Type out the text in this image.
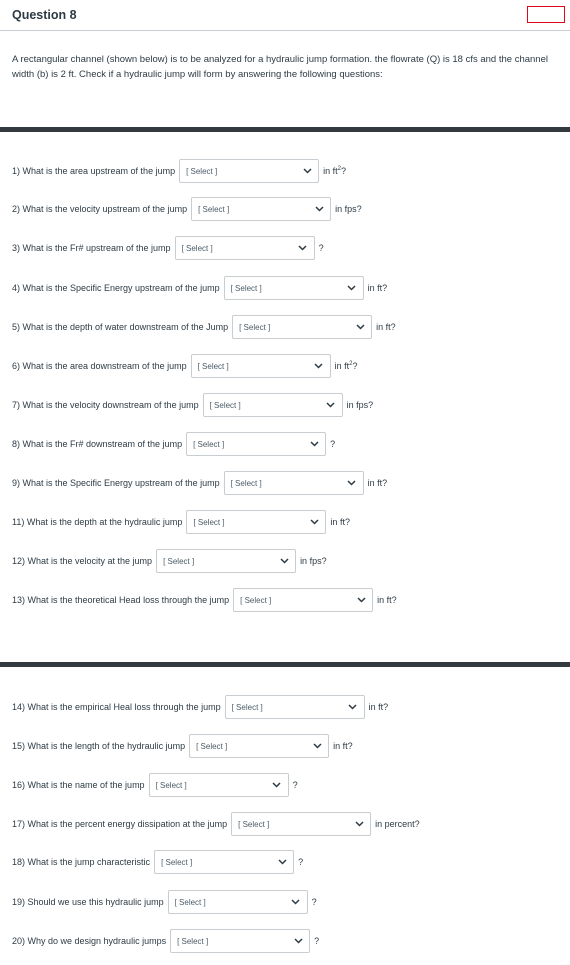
Question 8
A rectangular channel (shown below) is to be analyzed for a hydraulic jump formation. the flowrate (Q) is 18 cfs and the channel width (b) is 2 ft. Check if a hydraulic jump will form by answering the following questions:
1) What is the area upstream of the jump [ Select ]	in $ft^2$?
2) What is the velocity upstream of the jump [ Select ]	in fps?
3) What is the Fr# upstream of the jump [ Select ]	?
4) What is the Specific Energy upstream of the jump [ Select ]	in ft?
5) What is the depth of water downstream of the Jump [ Select ]	in ft?
6) What is the area downstream of the jump [ Select ]	in $ft^2$?
7) What is the velocity downstream of the jump [ Select ]	in fps?
8) What is the Fr# downstream of the jump [ Select ]	?
9) What is the Specific Energy upstream of the jump [ Select ]	in ft?
11) What is the depth at the hydraulic jump [ Select ]	in ft?
12) What is the velocity at the jump [ Select ]	in fps?
13) What is the theoretical Head loss through the jump [ Select ]	in ft?
14) What is the empirical Heal loss through the jump [ Select ]	in ft?
15) What is the length of the hydraulic jump [ Select ]	in ft?
16) What is the name of the jump [ Select ]	?
17) What is the percent energy dissipation at the jump [ Select ]	in percent?
18) What is the jump characteristic [ Select ]	?
19) Should we use this hydraulic jump [ Select ]	?
20) Why do we design hydraulic jumps [ Select ]	?
